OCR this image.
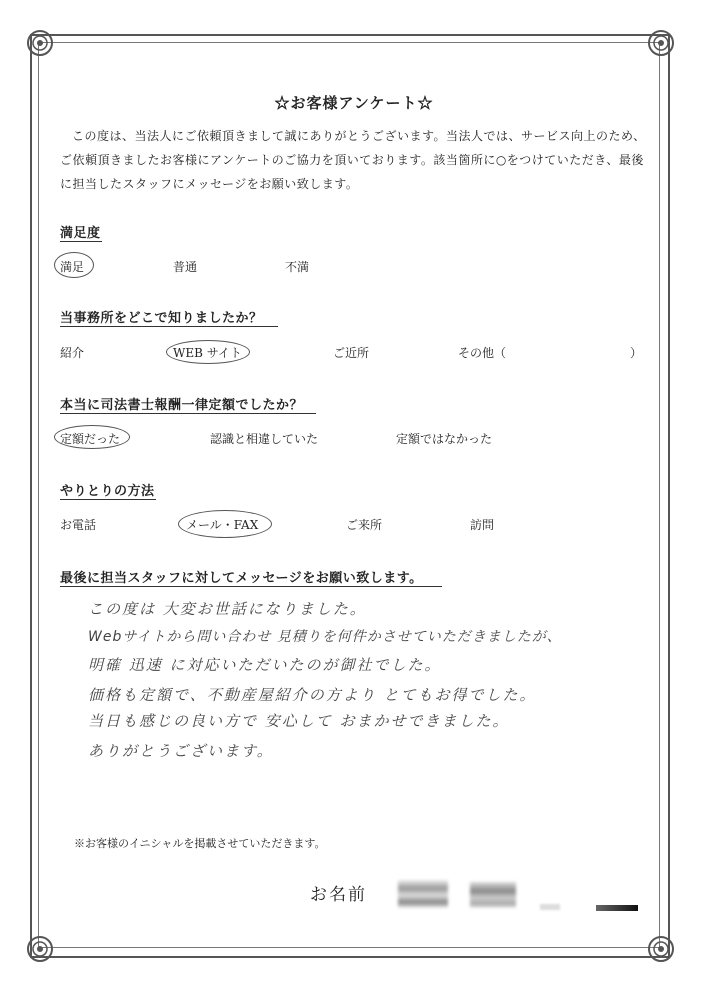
☆お客様アンケート☆
この度は、当法人にご依頼頂きまして誠にありがとうございます。当法人では、サービス向上のため、ご依頼頂きましたお客様にアンケートのご協力を頂いております。該当箇所に○をつけていただき、最後に担当したスタッフにメッセージをお願い致します。
満足度
満足	普通	不満
当事務所をどこで知りましたか？
紹介	WEB サイト	ご近所	その他（	）
本当に司法書士報酬一律定額でしたか？
定額だった	認識と相違していた	定額ではなかった
やりとりの方法
お電話	メール・FAX	ご来所	訪問
最後に担当スタッフに対してメッセージをお願い致します。
この度は 大変お世話になりました。
Webサイトから問い合わせ 見積りを何件かさせていただきましたが、
明確 迅速 に対応いただいたのが御社でした。
価格も定額で、不動産屋紹介の方より とてもお得でした。
当日も感じの良い方で 安心して おまかせできました。
ありがとうございます。
※お客様のイニシャルを掲載させていただきます。
お名前
